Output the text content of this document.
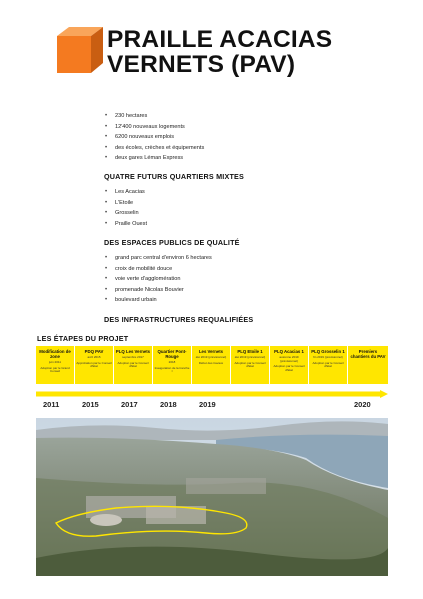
PRAILLE ACACIAS
VERNETS (PAV)
• 230 hectares
• 12'400 nouveaux logements
• 6200 nouveaux emplois
• des écoles, crèches et équipements
• deux gares Léman Express
QUATRE FUTURS QUARTIERS MIXTES
• Les Acacias
• L'Etoile
• Grosselin
• Praille Ouest
DES ESPACES PUBLICS DE QUALITÉ
• grand parc central d'environ 6 hectares
• croix de mobilité douce
• voie verte d'agglomération
• promenade Nicolas Bouvier
• boulevard urbain
DES INFRASTRUCTURES REQUALIFIÉES
LES ÉTAPES DU PROJET
Modification de zone
juin 2011
Adoption par le Grand Conseil
PDQ PAV
avril 2015
Approbation par le Conseil d'Etat
PLQ Les Vernets
septembre 2017
Adoption par le Conseil d'Etat
Quartier Pont-Rouge
2018
Inauguration de la tranche I
Les Vernets
été 2019 (prévisionnel)
Début des travaux
PLQ Etoile 1
été 2019 (prévisionnel)
Adoption par le Conseil d'Etat
PLQ Acacias 1
automne 2019 (prévisionnel)
Adoption par le Conseil d'Etat
PLQ Grosselin 1
fin 2019 (prévisionnel)
Adoption par le Conseil d'Etat
Premiers chantiers du PAV
2011	2015	2017	2018	2019	2020
